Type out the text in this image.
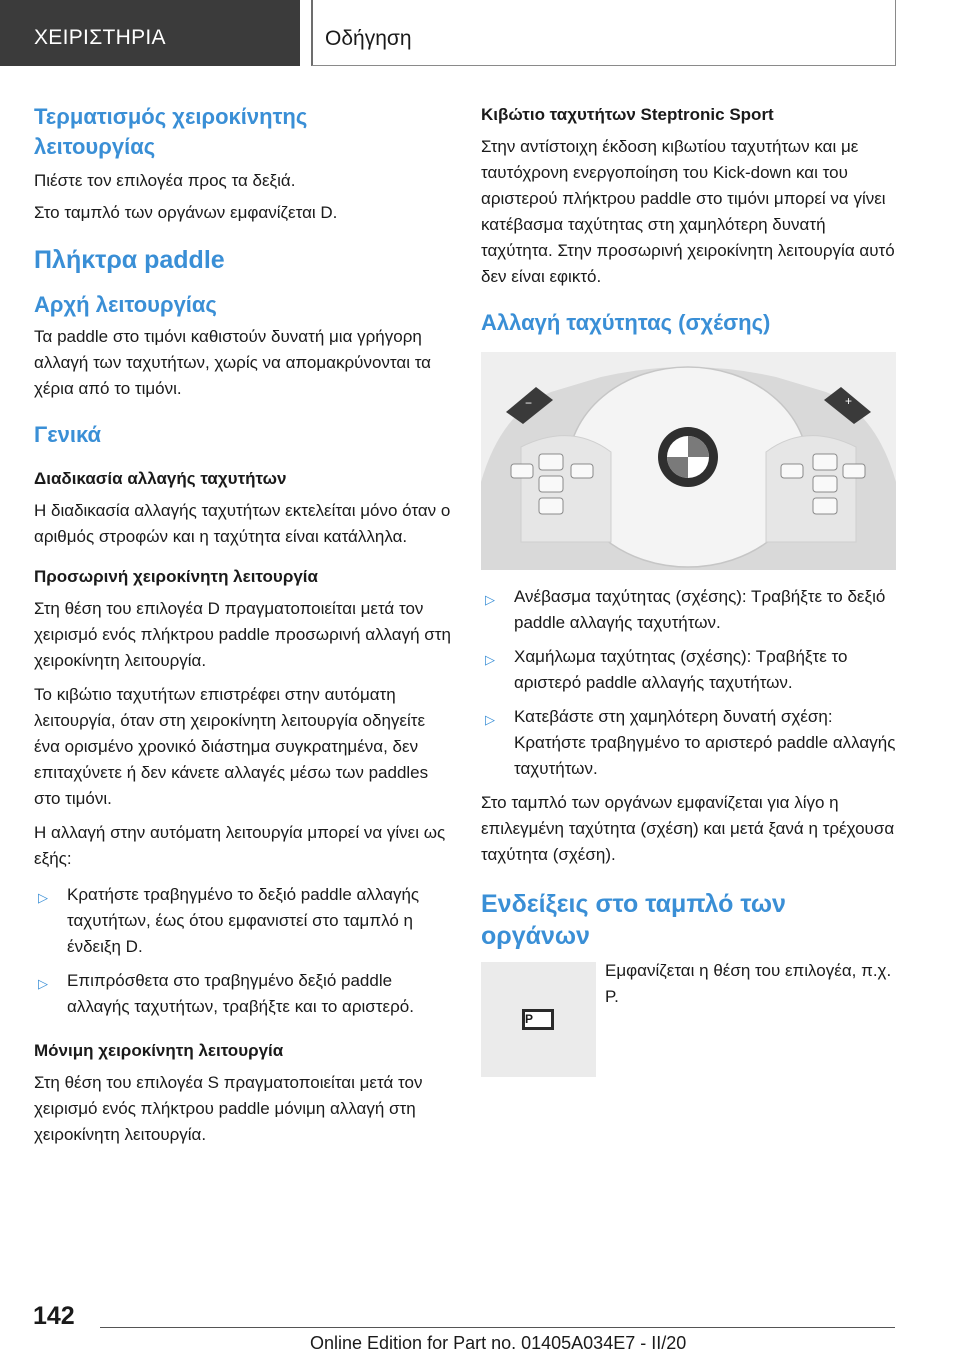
ΧΕΙΡΙΣΤΗΡΙΑ	Οδήγηση
Τερματισμός χειροκίνητης λειτουργίας
Πιέστε τον επιλογέα προς τα δεξιά.
Στο ταμπλό των οργάνων εμφανίζεται D.
Πλήκτρα paddle
Αρχή λειτουργίας
Τα paddle στο τιμόνι καθιστούν δυνατή μια γρήγορη αλλαγή των ταχυτήτων, χωρίς να απομακρύνονται τα χέρια από το τιμόνι.
Γενικά
Διαδικασία αλλαγής ταχυτήτων
Η διαδικασία αλλαγής ταχυτήτων εκτελείται μόνο όταν ο αριθμός στροφών και η ταχύτητα είναι κατάλληλα.
Προσωρινή χειροκίνητη λειτουργία
Στη θέση του επιλογέα D πραγματοποιείται μετά τον χειρισμό ενός πλήκτρου paddle προσωρινή αλλαγή στη χειροκίνητη λειτουργία.
Το κιβώτιο ταχυτήτων επιστρέφει στην αυτόματη λειτουργία, όταν στη χειροκίνητη λειτουργία οδηγείτε ένα ορισμένο χρονικό διάστημα συγκρατημένα, δεν επιταχύνετε ή δεν κάνετε αλλαγές μέσω των paddles στο τιμόνι.
Η αλλαγή στην αυτόματη λειτουργία μπορεί να γίνει ως εξής:
▷ Κρατήστε τραβηγμένο το δεξιό paddle αλλαγής ταχυτήτων, έως ότου εμφανιστεί στο ταμπλό η ένδειξη D.
▷ Επιπρόσθετα στο τραβηγμένο δεξιό paddle αλλαγής ταχυτήτων, τραβήξτε και το αριστερό.
Μόνιμη χειροκίνητη λειτουργία
Στη θέση του επιλογέα S πραγματοποιείται μετά τον χειρισμό ενός πλήκτρου paddle μόνιμη αλλαγή στη χειροκίνητη λειτουργία.
Κιβώτιο ταχυτήτων Steptronic Sport
Στην αντίστοιχη έκδοση κιβωτίου ταχυτήτων και με ταυτόχρονη ενεργοποίηση του Kick-down και του αριστερού πλήκτρου paddle στο τιμόνι μπορεί να γίνει κατέβασμα ταχύτητας στη χαμηλότερη δυνατή ταχύτητα. Στην προσωρινή χειροκίνητη λειτουργία αυτό δεν είναι εφικτό.
Αλλαγή ταχύτητας (σχέσης)
−	+
▷ Ανέβασμα ταχύτητας (σχέσης): Τραβήξτε το δεξιό paddle αλλαγής ταχυτήτων.
▷ Χαμήλωμα ταχύτητας (σχέσης): Τραβήξτε το αριστερό paddle αλλαγής ταχυτήτων.
▷ Κατεβάστε στη χαμηλότερη δυνατή σχέση: Κρατήστε τραβηγμένο το αριστερό paddle αλλαγής ταχυτήτων.
Στο ταμπλό των οργάνων εμφανίζεται για λίγο η επιλεγμένη ταχύτητα (σχέση) και μετά ξανά η τρέχουσα ταχύτητα (σχέση).
Ενδείξεις στο ταμπλό των οργάνων
P
Εμφανίζεται η θέση του επιλογέα, π.χ. P.
142
Online Edition for Part no. 01405A034E7 - II/20
